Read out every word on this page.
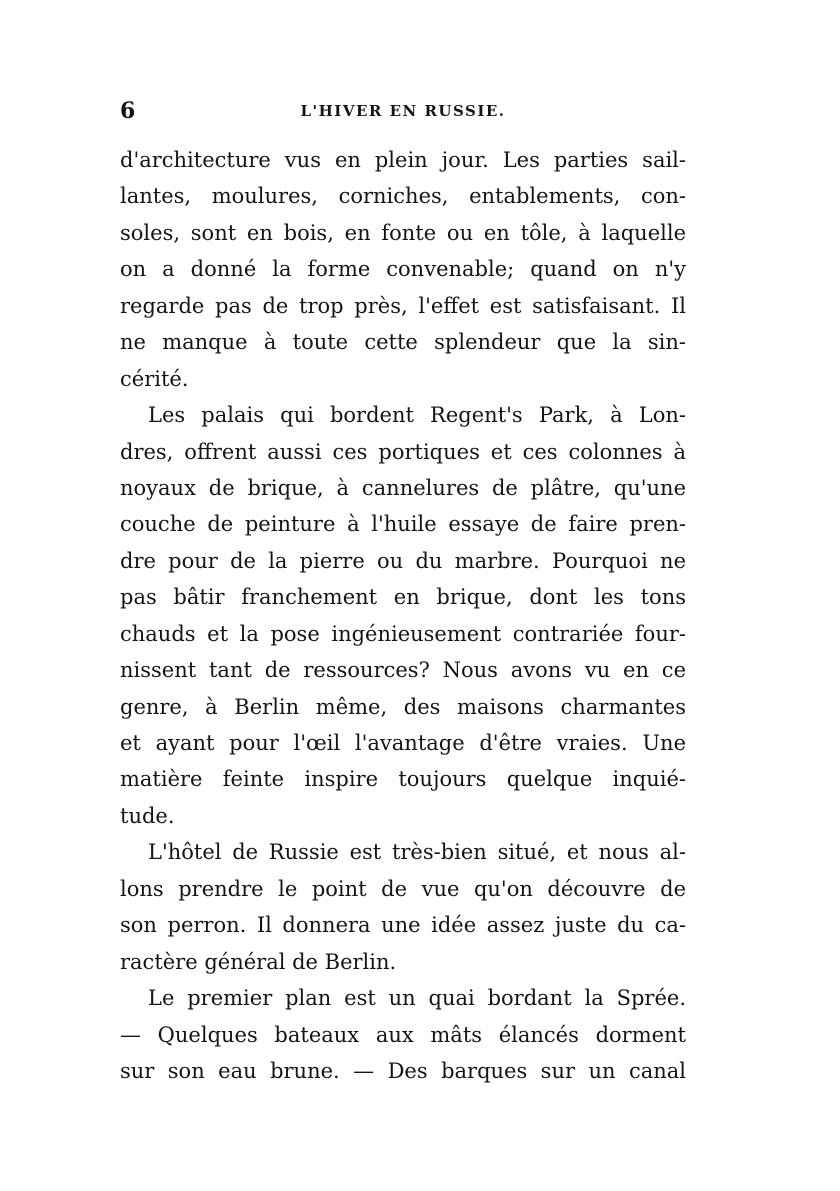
6	L'HIVER EN RUSSIE.
d'architecture vus en plein jour. Les parties sail-
lantes, moulures, corniches, entablements, con-
soles, sont en bois, en fonte ou en tôle, à laquelle
on a donné la forme convenable; quand on n'y
regarde pas de trop près, l'effet est satisfaisant. Il
ne manque à toute cette splendeur que la sin-
cérité.
Les palais qui bordent Regent's Park, à Lon-
dres, offrent aussi ces portiques et ces colonnes à
noyaux de brique, à cannelures de plâtre, qu'une
couche de peinture à l'huile essaye de faire pren-
dre pour de la pierre ou du marbre. Pourquoi ne
pas bâtir franchement en brique, dont les tons
chauds et la pose ingénieusement contrariée four-
nissent tant de ressources? Nous avons vu en ce
genre, à Berlin même, des maisons charmantes
et ayant pour l'œil l'avantage d'être vraies. Une
matière feinte inspire toujours quelque inquié-
tude.
L'hôtel de Russie est très-bien situé, et nous al-
lons prendre le point de vue qu'on découvre de
son perron. Il donnera une idée assez juste du ca-
ractère général de Berlin.
Le premier plan est un quai bordant la Sprée.
— Quelques bateaux aux mâts élancés dorment
sur son eau brune. — Des barques sur un canal
